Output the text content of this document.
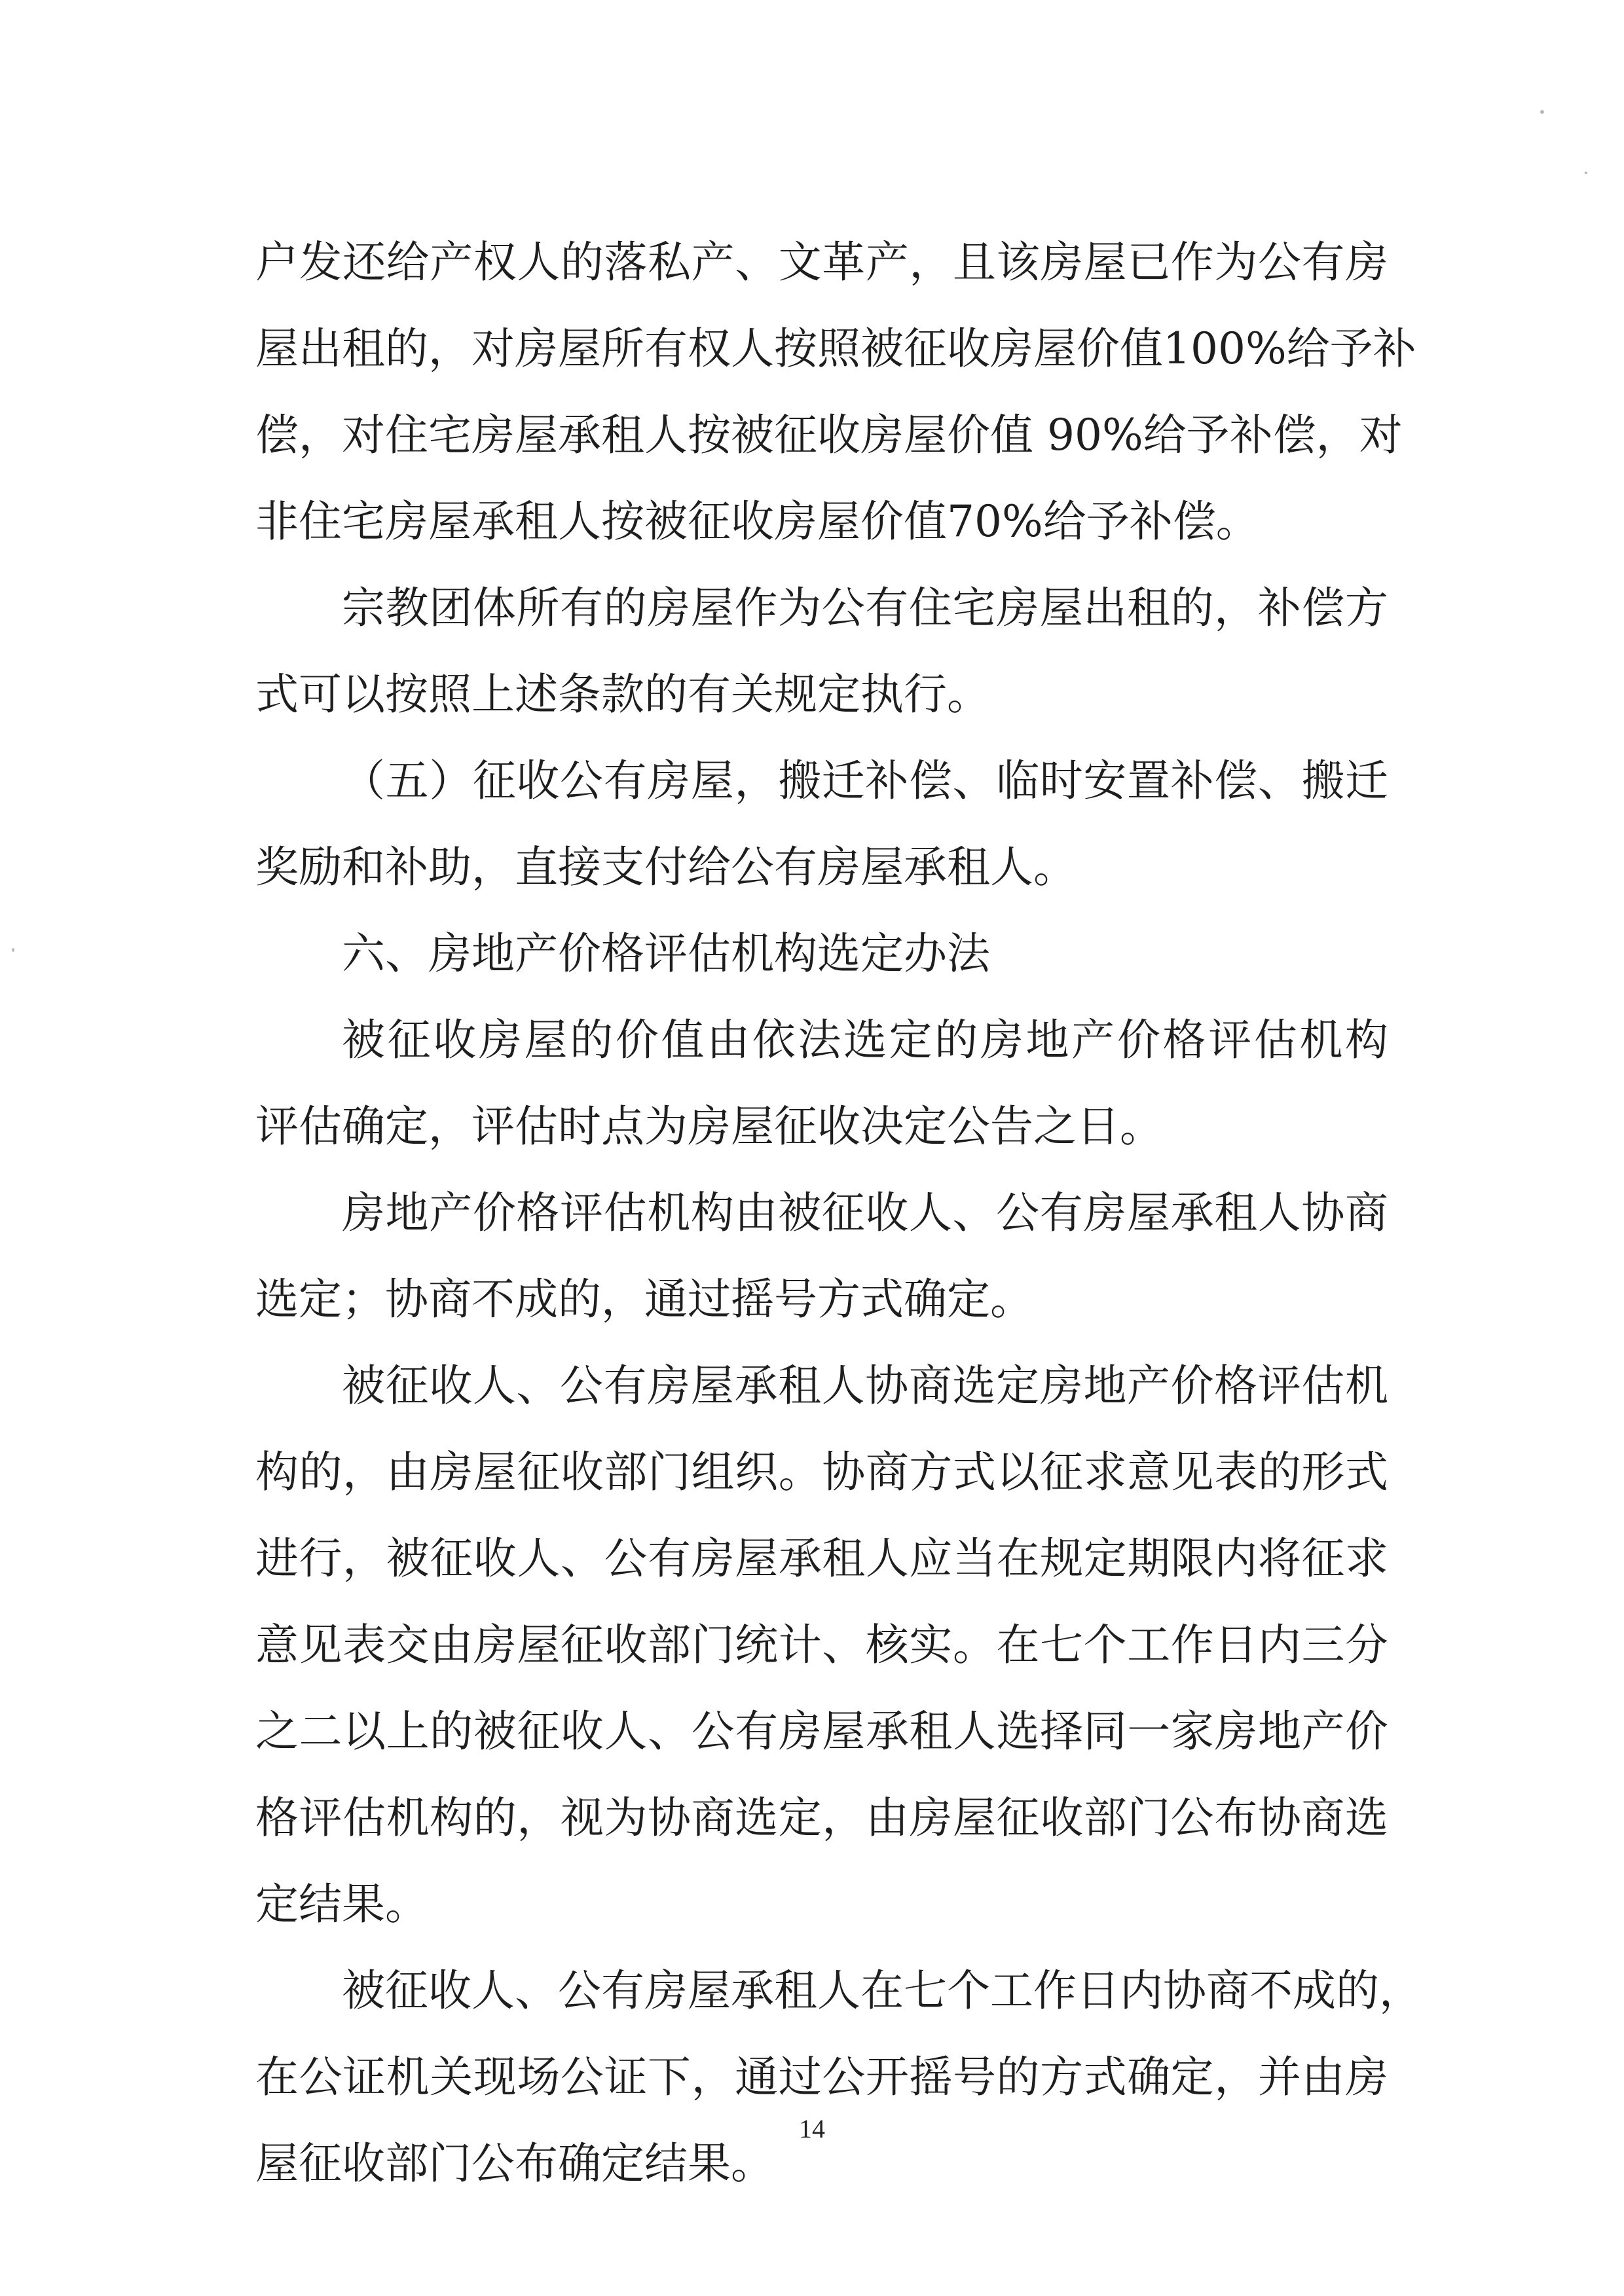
户发还给产权人的落私产、文革产，且该房屋已作为公有房
屋出租的，对房屋所有权人按照被征收房屋价值100%给予补
偿，对住宅房屋承租人按被征收房屋价值 90%给予补偿，对
非住宅房屋承租人按被征收房屋价值70%给予补偿。
宗教团体所有的房屋作为公有住宅房屋出租的，补偿方
式可以按照上述条款的有关规定执行。
（五）征收公有房屋，搬迁补偿、临时安置补偿、搬迁
奖励和补助，直接支付给公有房屋承租人。
六、房地产价格评估机构选定办法
被征收房屋的价值由依法选定的房地产价格评估机构
评估确定，评估时点为房屋征收决定公告之日。
房地产价格评估机构由被征收人、公有房屋承租人协商
选定；协商不成的，通过摇号方式确定。
被征收人、公有房屋承租人协商选定房地产价格评估机
构的，由房屋征收部门组织。协商方式以征求意见表的形式
进行，被征收人、公有房屋承租人应当在规定期限内将征求
意见表交由房屋征收部门统计、核实。在七个工作日内三分
之二以上的被征收人、公有房屋承租人选择同一家房地产价
格评估机构的，视为协商选定，由房屋征收部门公布协商选
定结果。
被征收人、公有房屋承租人在七个工作日内协商不成的，
在公证机关现场公证下，通过公开摇号的方式确定，并由房
屋征收部门公布确定结果。
14
